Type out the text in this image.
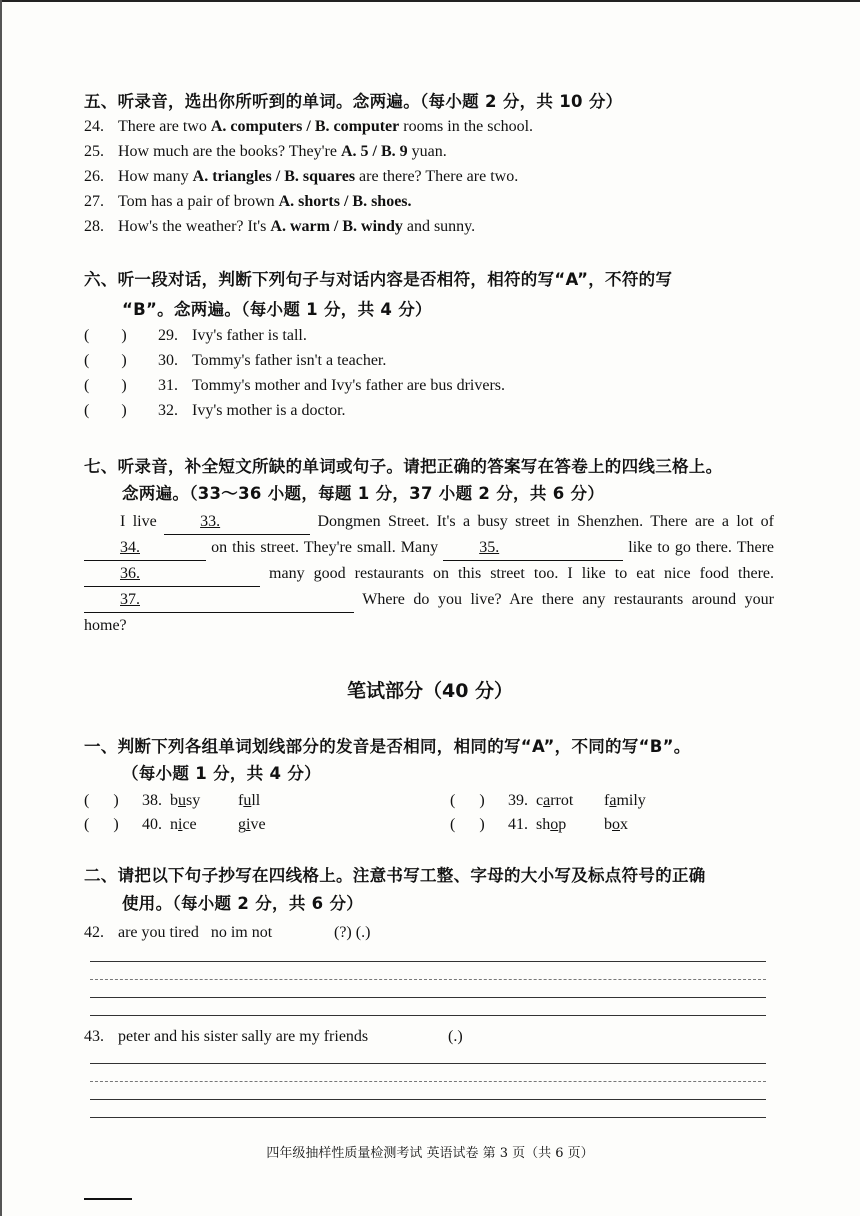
五、听录音，选出你所听到的单词。念两遍。（每小题 2 分，共 10 分）
24. There are two A. computers / B. computer rooms in the school.
25. How much are the books? They're A. 5 / B. 9 yuan.
26. How many A. triangles / B. squares are there? There are two.
27. Tom has a pair of brown A. shorts / B. shoes.
28. How's the weather? It's A. warm / B. windy and sunny.
六、听一段对话，判断下列句子与对话内容是否相符，相符的写“A”，不符的写
“B”。念两遍。（每小题 1 分，共 4 分）
(        ) 29. Ivy's father is tall.
(        ) 30. Tommy's father isn't a teacher.
(        ) 31. Tommy's mother and Ivy's father are bus drivers.
(        ) 32. Ivy's mother is a doctor.
七、听录音，补全短文所缺的单词或句子。请把正确的答案写在答卷上的四线三格上。
念两遍。（33～36 小题，每题 1 分，37 小题 2 分，共 6 分）
I live 33.	Dongmen Street. It's a busy street in Shenzhen. There are a lot of 34.	on this street. They're small. Many 35.	like to go there. There 36.	many good restaurants on this street too. I like to eat nice food there. 37.	Where do you live? Are there any restaurants around your home?
笔试部分（40 分）
一、判断下列各组单词划线部分的发音是否相同，相同的写“A”，不同的写“B”。
（每小题 1 分，共 4 分）
(      ) 38. busy full	(      ) 39. carrot family
(      ) 40. nice	give	(      ) 41. shop box
二、请把以下句子抄写在四线格上。注意书写工整、字母的大小写及标点符号的正确
使用。（每小题 2 分，共 6 分）
42. are you tired   no im not	(?) (.)
43. peter and his sister sally are my friends	(.)
四年级抽样性质量检测考试 英语试卷 第 3 页（共 6 页）
